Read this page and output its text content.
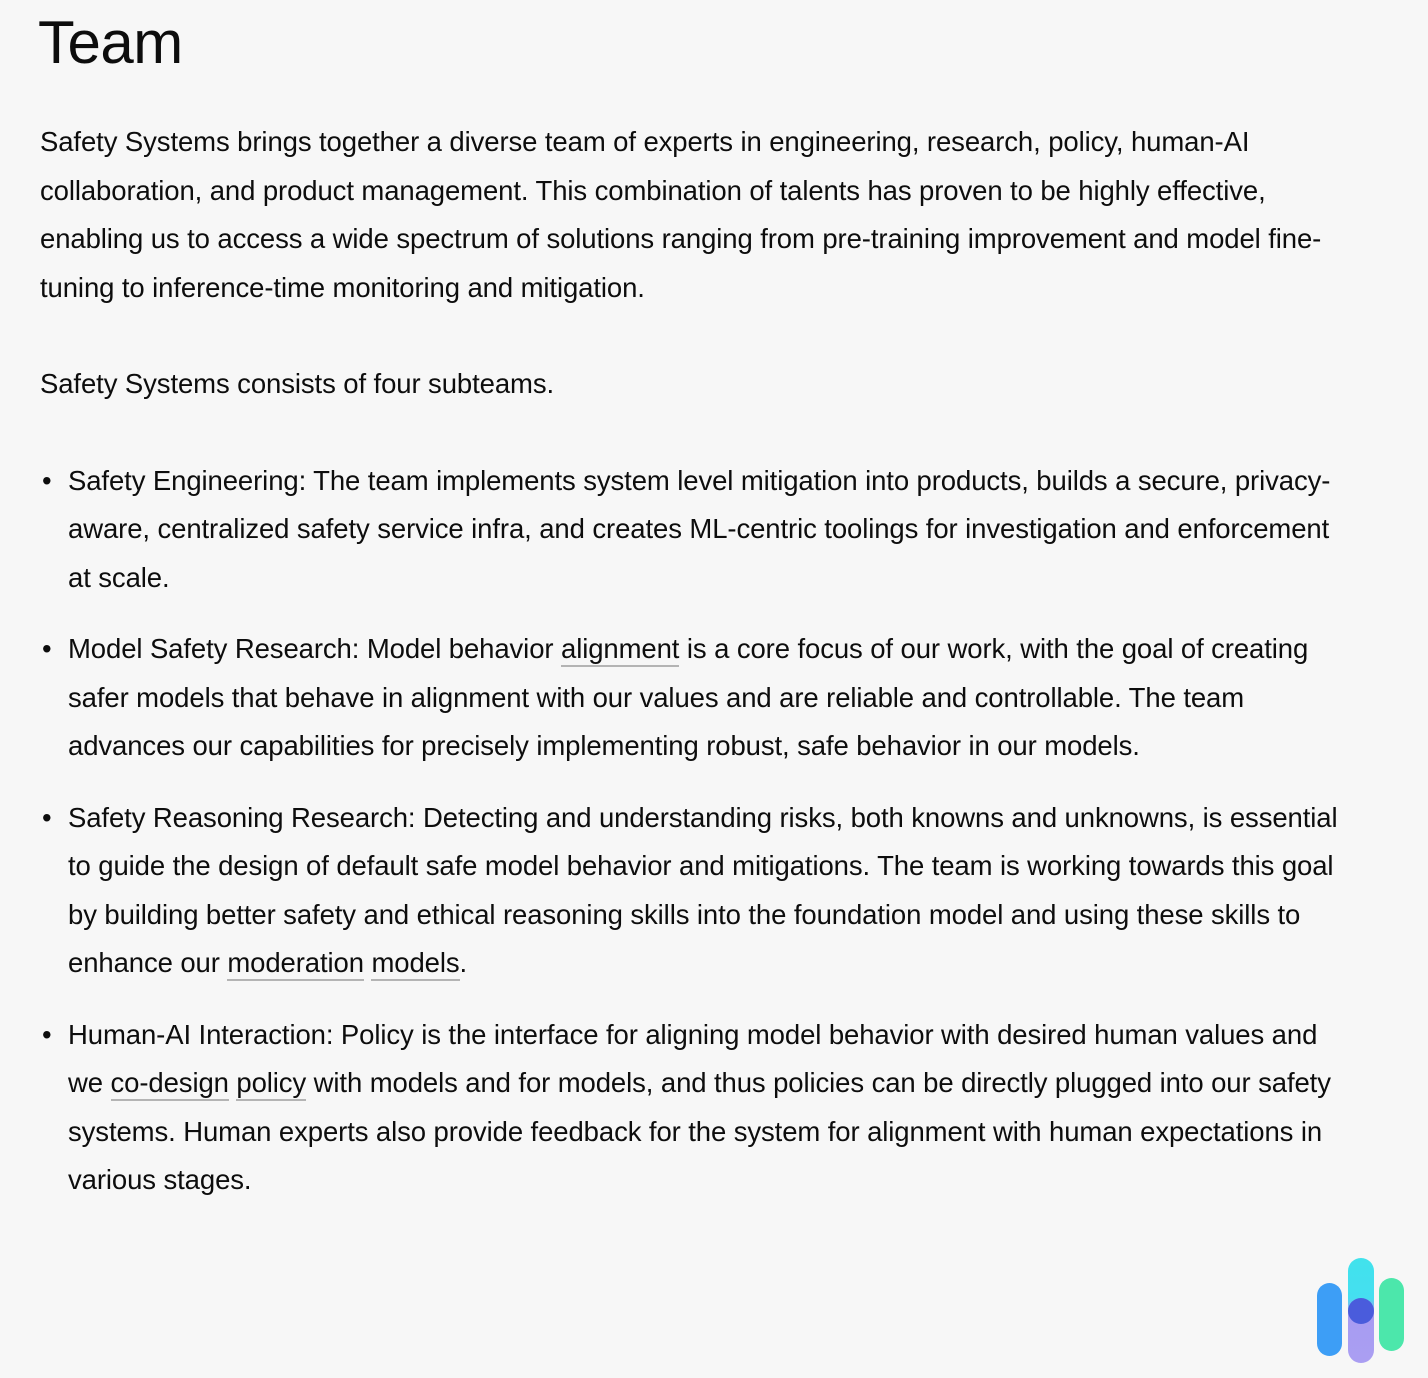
Team

Safety Systems brings together a diverse team of experts in engineering, research, policy, human-AI collaboration, and product management. This combination of talents has proven to be highly effective, enabling us to access a wide spectrum of solutions ranging from pre-training improvement and model fine-tuning to inference-time monitoring and mitigation.

Safety Systems consists of four subteams.

• Safety Engineering: The team implements system level mitigation into products, builds a secure, privacy-aware, centralized safety service infra, and creates ML-centric toolings for investigation and enforcement at scale.
• Model Safety Research: Model behavior alignment is a core focus of our work, with the goal of creating safer models that behave in alignment with our values and are reliable and controllable. The team advances our capabilities for precisely implementing robust, safe behavior in our models.
• Safety Reasoning Research: Detecting and understanding risks, both knowns and unknowns, is essential to guide the design of default safe model behavior and mitigations. The team is working towards this goal by building better safety and ethical reasoning skills into the foundation model and using these skills to enhance our moderation models.
• Human-AI Interaction: Policy is the interface for aligning model behavior with desired human values and we co-design policy with models and for models, and thus policies can be directly plugged into our safety systems. Human experts also provide feedback for the system for alignment with human expectations in various stages.
